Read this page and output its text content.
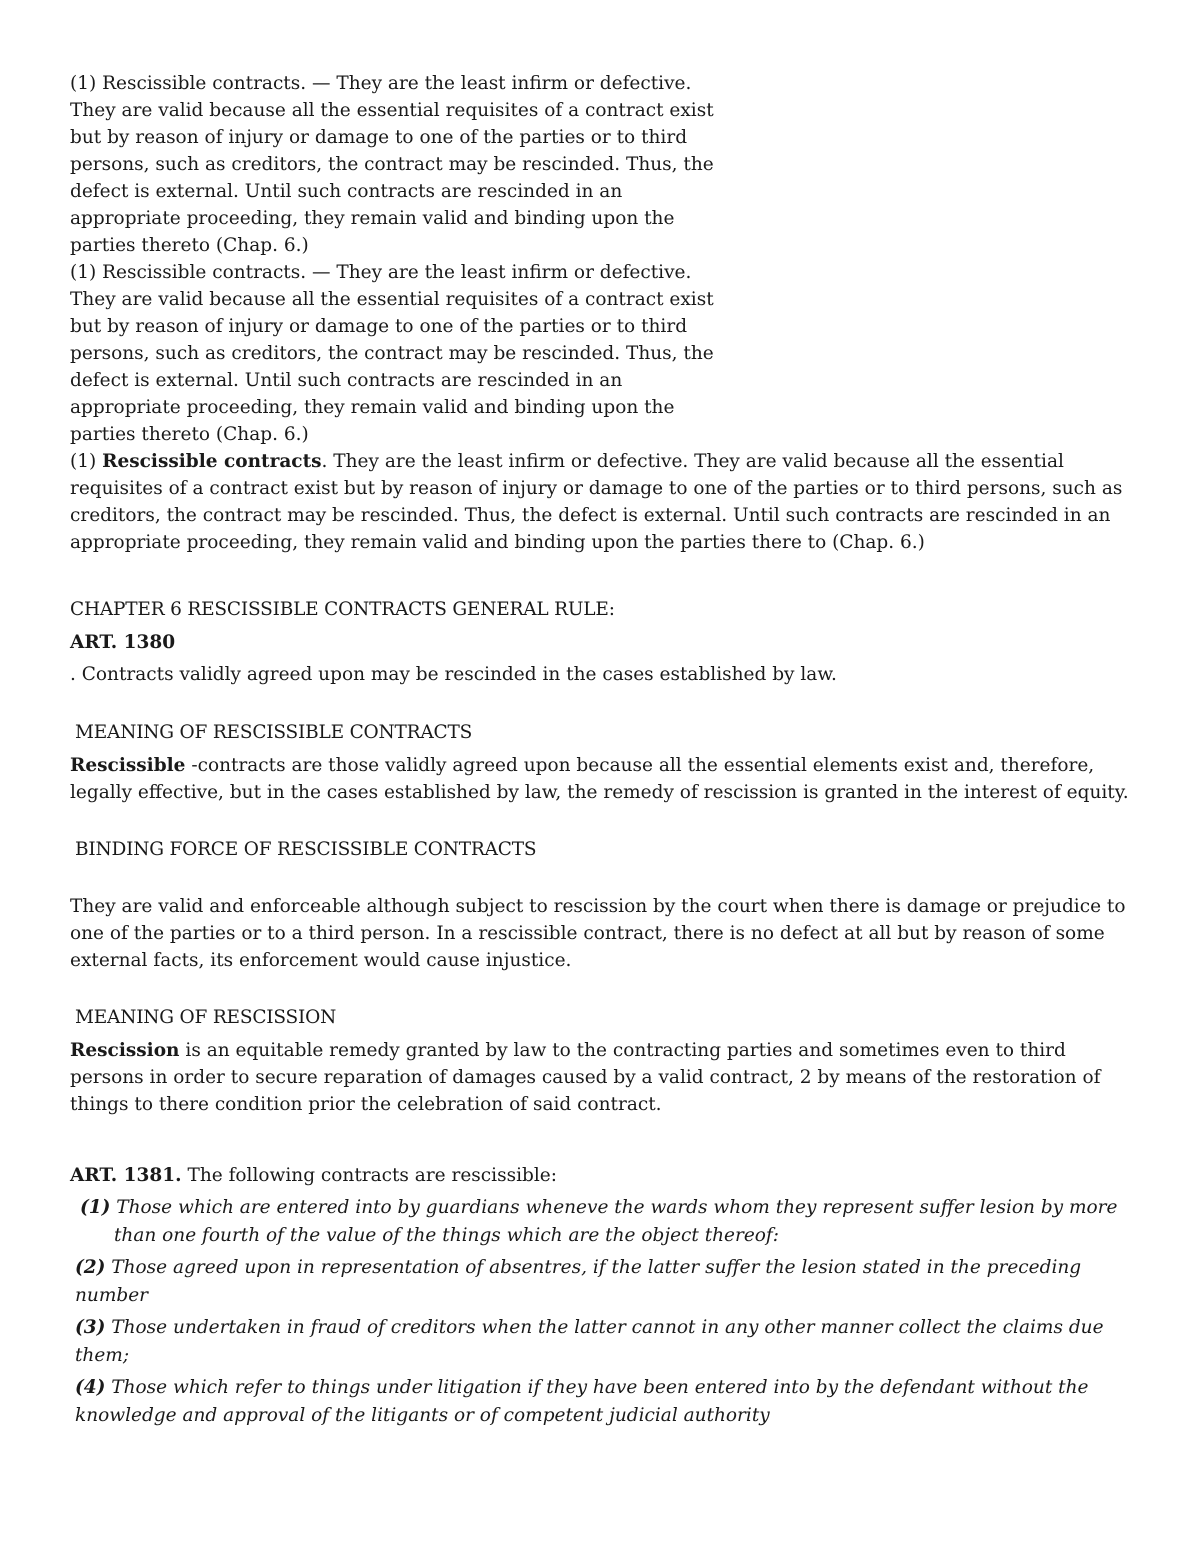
(1) Rescissible contracts. — They are the least infirm or defective.
They are valid because all the essential requisites of a contract exist
but by reason of injury or damage to one of the parties or to third
persons, such as creditors, the contract may be rescinded. Thus, the
defect is external. Until such contracts are rescinded in an
appropriate proceeding, they remain valid and binding upon the
parties thereto (Chap. 6.)
(1) Rescissible contracts. — They are the least infirm or defective.
They are valid because all the essential requisites of a contract exist
but by reason of injury or damage to one of the parties or to third
persons, such as creditors, the contract may be rescinded. Thus, the
defect is external. Until such contracts are rescinded in an
appropriate proceeding, they remain valid and binding upon the
parties thereto (Chap. 6.)
(1) Rescissible contracts. They are the least infirm or defective. They are valid because all the essential requisites of a contract exist but by reason of injury or damage to one of the parties or to third persons, such as creditors, the contract may be rescinded. Thus, the defect is external. Until such contracts are rescinded in an appropriate proceeding, they remain valid and binding upon the parties there to (Chap. 6.)
CHAPTER 6 RESCISSIBLE CONTRACTS GENERAL RULE:
ART. 1380
. Contracts validly agreed upon may be rescinded in the cases established by law.
MEANING OF RESCISSIBLE CONTRACTS
Rescissible -contracts are those validly agreed upon because all the essential elements exist and, therefore, legally effective, but in the cases established by law, the remedy of rescission is granted in the interest of equity.
BINDING FORCE OF RESCISSIBLE CONTRACTS
They are valid and enforceable although subject to rescission by the court when there is damage or prejudice to one of the parties or to a third person. In a rescissible contract, there is no defect at all but by reason of some external facts, its enforcement would cause injustice.
MEANING OF RESCISSION
Rescission is an equitable remedy granted by law to the contracting parties and sometimes even to third persons in order to secure reparation of damages caused by a valid contract, 2 by means of the restoration of things to there condition prior the celebration of said contract.
ART. 1381. The following contracts are rescissible:
(1) Those which are entered into by guardians wheneve the wards whom they represent suffer lesion by more
than one fourth of the value of the things which are the object thereof:
(2) Those agreed upon in representation of absentres, if the latter suffer the lesion stated in the preceding number
(3) Those undertaken in fraud of creditors when the latter cannot in any other manner collect the claims due them;
(4) Those which refer to things under litigation if they have been entered into by the defendant without the knowledge and approval of the litigants or of competent judicial authority
